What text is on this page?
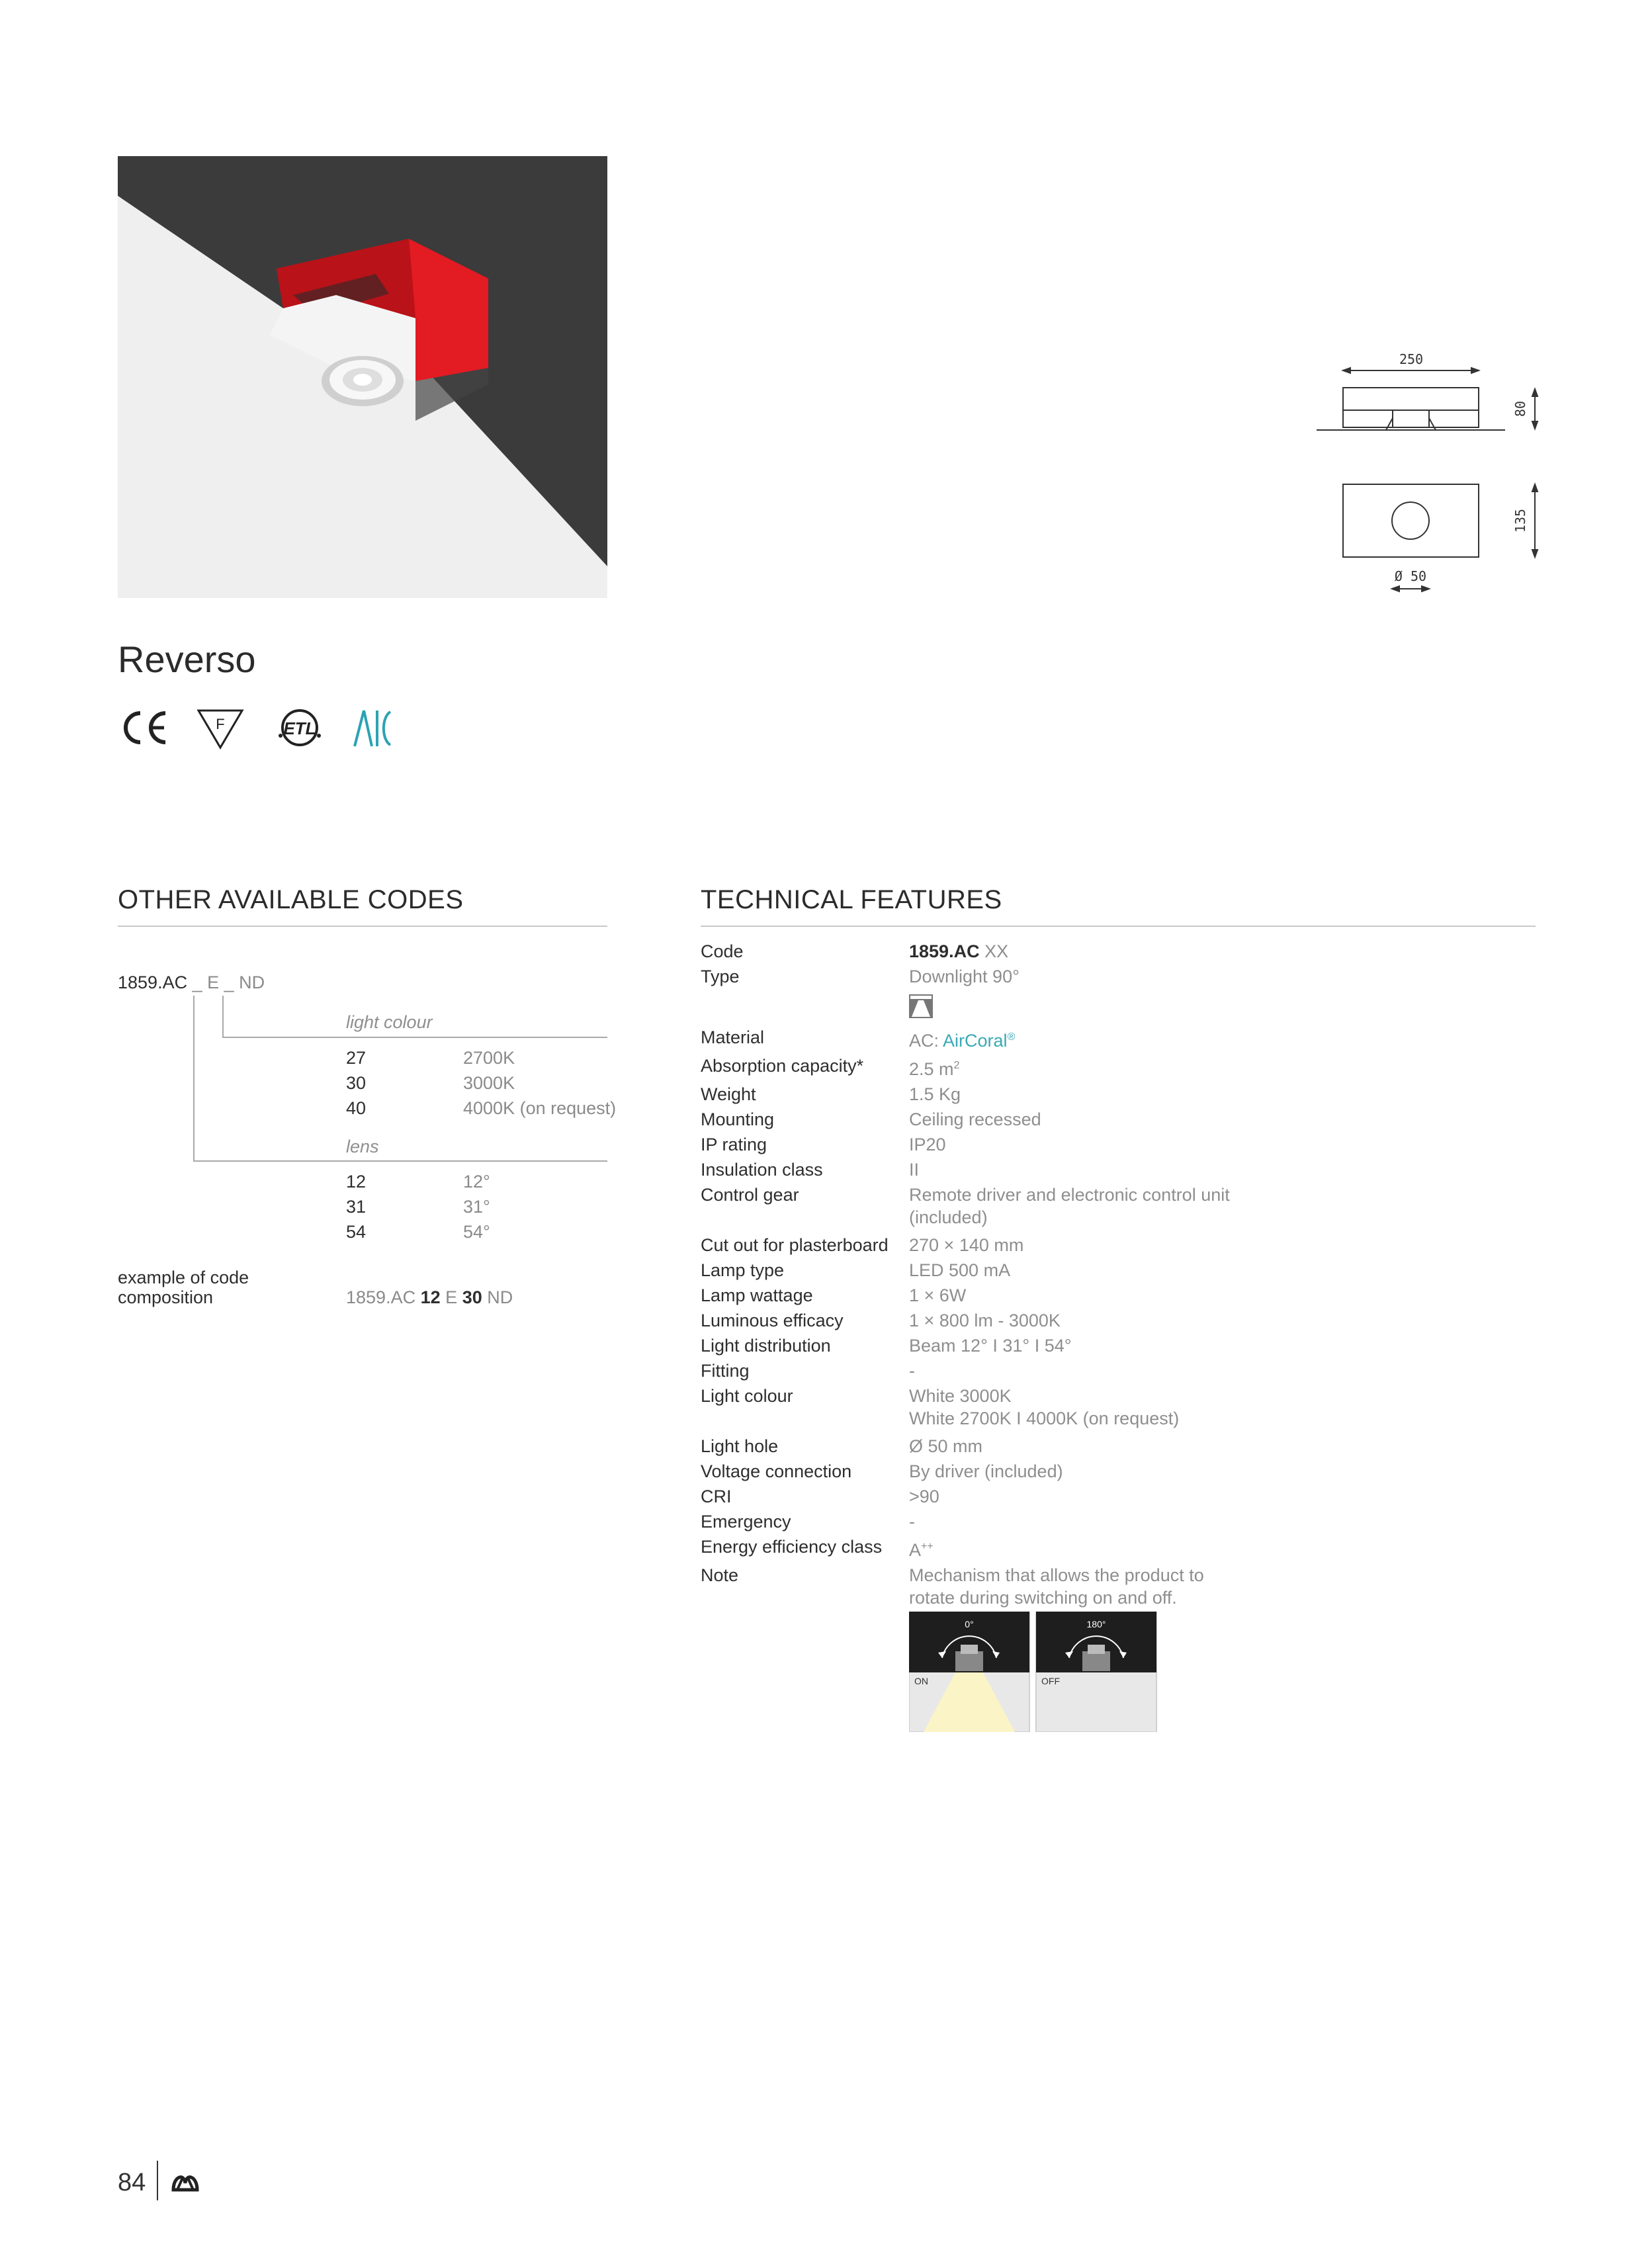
250
80
135
Ø 50
Reverso
F	ETL
OTHER AVAILABLE CODES
1859.AC _ E _ ND
light colour
27	2700K
30	3000K
40	4000K (on request)
lens
12	12°
31	31°
54	54°
example of code
composition	1859.AC 12 E 30 ND
TECHNICAL FEATURES
Code	1859.AC XX
Type	Downlight 90°
Material	AC: AirCoral®
Absorption capacity*	2.5 $m^2$
Weight	1.5 Kg
Mounting	Ceiling recessed
IP rating	IP20
Insulation class	II
Control gear	Remote driver and electronic control unit
(included)
Cut out for plasterboard	270 × 140 mm
Lamp type	LED 500 mA
Lamp wattage	1 × 6W
Luminous efficacy	1 × 800 lm - 3000K
Light distribution	Beam 12° I 31° I 54°
Fitting	-
Light colour	White 3000K
White 2700K I 4000K (on request)
Light hole	Ø 50 mm
Voltage connection	By driver (included)
CRI	>90
Emergency	-
Energy efficiency class	A++
Note	Mechanism that allows the product to
rotate during switching on and off.
0°
ON
180°
OFF
84
